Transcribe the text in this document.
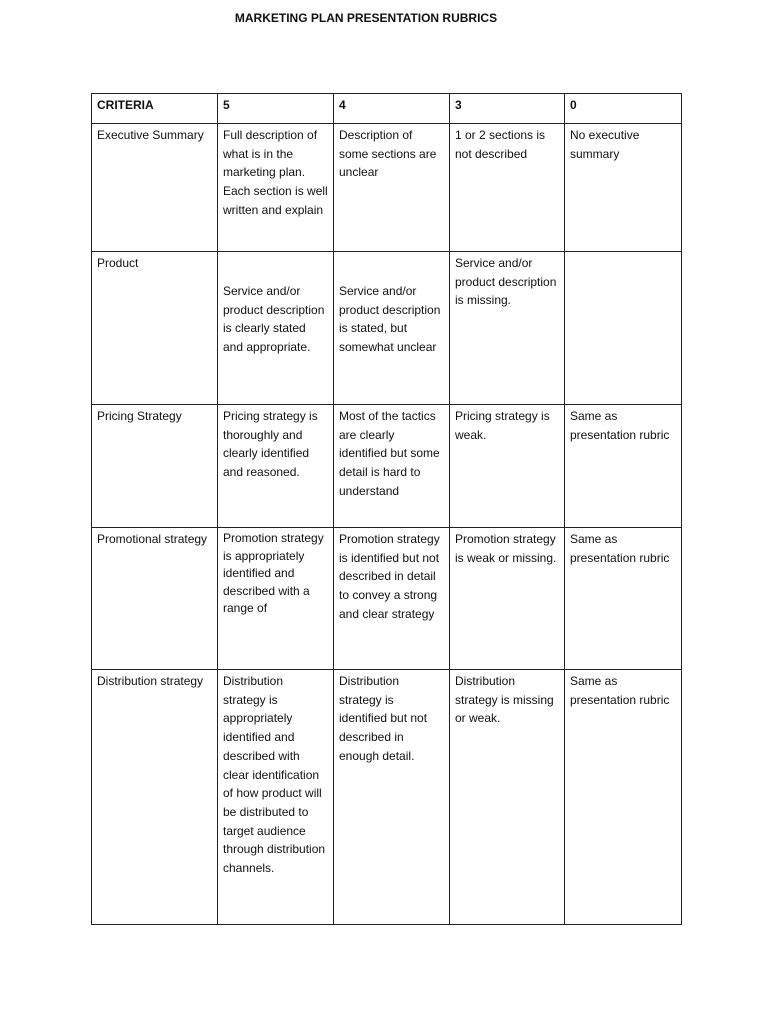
MARKETING PLAN PRESENTATION RUBRICS
CRITERIA	5	4	3	0
Executive Summary	Full description of what is in the marketing plan. Each section is well written and explain	Description of some sections are unclear	1 or 2 sections is not described	No executive summary
Product	Service and/or product description is clearly stated and appropriate.	Service and/or product description is stated, but somewhat unclear	Service and/or product description is missing.	
Pricing Strategy	Pricing strategy is thoroughly and clearly identified and reasoned.	Most of the tactics are clearly identified but some detail is hard to understand	Pricing strategy is weak.	Same as presentation rubric
Promotional strategy	Promotion strategy is appropriately identified and described with a range of	Promotion strategy is identified but not described in detail to convey a strong and clear strategy	Promotion strategy is weak or missing.	Same as presentation rubric
Distribution strategy	Distribution strategy is appropriately identified and described with clear identification of how product will be distributed to target audience through distribution channels.	Distribution strategy is identified but not described in enough detail.	Distribution strategy is missing or weak.	Same as presentation rubric
